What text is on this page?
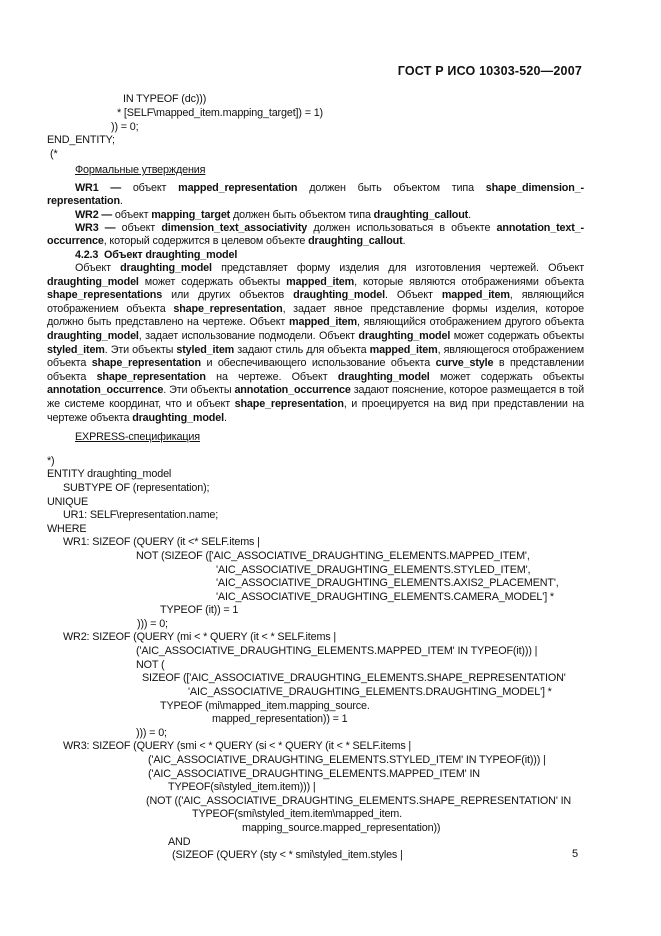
ГОСТ Р ИСО 10303-520—2007
IN TYPEOF (dc)))
* [SELF\mapped_item.mapping_target]) = 1)
)) = 0;
END_ENTITY;
(*
Формальные утверждения
WR1 — объект mapped_representation должен быть объектом типа shape_dimension_-representation.
WR2 — объект mapping_target должен быть объектом типа draughting_callout.
WR3 — объект dimension_text_associativity должен использоваться в объекте annotation_text_-occurrence, который содержится в целевом объекте draughting_callout.
4.2.3 Объект draughting_model
Объект draughting_model представляет форму изделия для изготовления чертежей. Объект draughting_model может содержать объекты mapped_item, которые являются отображениями объекта shape_representations или других объектов draughting_model. Объект mapped_item, являющийся отображением объекта shape_representation, задает явное представление формы изделия, которое должно быть представлено на чертеже. Объект mapped_item, являющийся отображением другого объекта draughting_model, задает использование подмодели. Объект draughting_model может содержать объекты styled_item. Эти объекты styled_item задают стиль для объекта mapped_item, являющегося отображением объекта shape_representation и обеспечивающего использование объекта curve_style в представлении объекта shape_representation на чертеже. Объект draughting_model может содержать объекты annotation_occurrence. Эти объекты annotation_occurrence задают пояснение, которое размещается в той же системе координат, что и объект shape_representation, и проецируется на вид при представлении на чертеже объекта draughting_model.
EXPRESS-спецификация
*)
ENTITY draughting_model
SUBTYPE OF (representation);
UNIQUE
UR1: SELF\representation.name;
WHERE
WR1: SIZEOF (QUERY (it <* SELF.items |
NOT (SIZEOF (['AIC_ASSOCIATIVE_DRAUGHTING_ELEMENTS.MAPPED_ITEM',
'AIC_ASSOCIATIVE_DRAUGHTING_ELEMENTS.STYLED_ITEM',
'AIC_ASSOCIATIVE_DRAUGHTING_ELEMENTS.AXIS2_PLACEMENT',
'AIC_ASSOCIATIVE_DRAUGHTING_ELEMENTS.CAMERA_MODEL'] *
TYPEOF (it)) = 1
))) = 0;
WR2: SIZEOF (QUERY (mi < * QUERY (it < * SELF.items |
('AIC_ASSOCIATIVE_DRAUGHTING_ELEMENTS.MAPPED_ITEM' IN TYPEOF(it))) |
NOT (
SIZEOF (['AIC_ASSOCIATIVE_DRAUGHTING_ELEMENTS.SHAPE_REPRESENTATION'
'AIC_ASSOCIATIVE_DRAUGHTING_ELEMENTS.DRAUGHTING_MODEL'] *
TYPEOF (mi\mapped_item.mapping_source.
mapped_representation)) = 1
))) = 0;
WR3: SIZEOF (QUERY (smi < * QUERY (si < * QUERY (it < * SELF.items |
('AIC_ASSOCIATIVE_DRAUGHTING_ELEMENTS.STYLED_ITEM' IN TYPEOF(it))) |
('AIC_ASSOCIATIVE_DRAUGHTING_ELEMENTS.MAPPED_ITEM' IN
TYPEOF(si\styled_item.item))) |
(NOT (('AIC_ASSOCIATIVE_DRAUGHTING_ELEMENTS.SHAPE_REPRESENTATION' IN
TYPEOF(smi\styled_item.item\mapped_item.
mapping_source.mapped_representation))
AND
(SIZEOF (QUERY (sty < * smi\styled_item.styles |	5
